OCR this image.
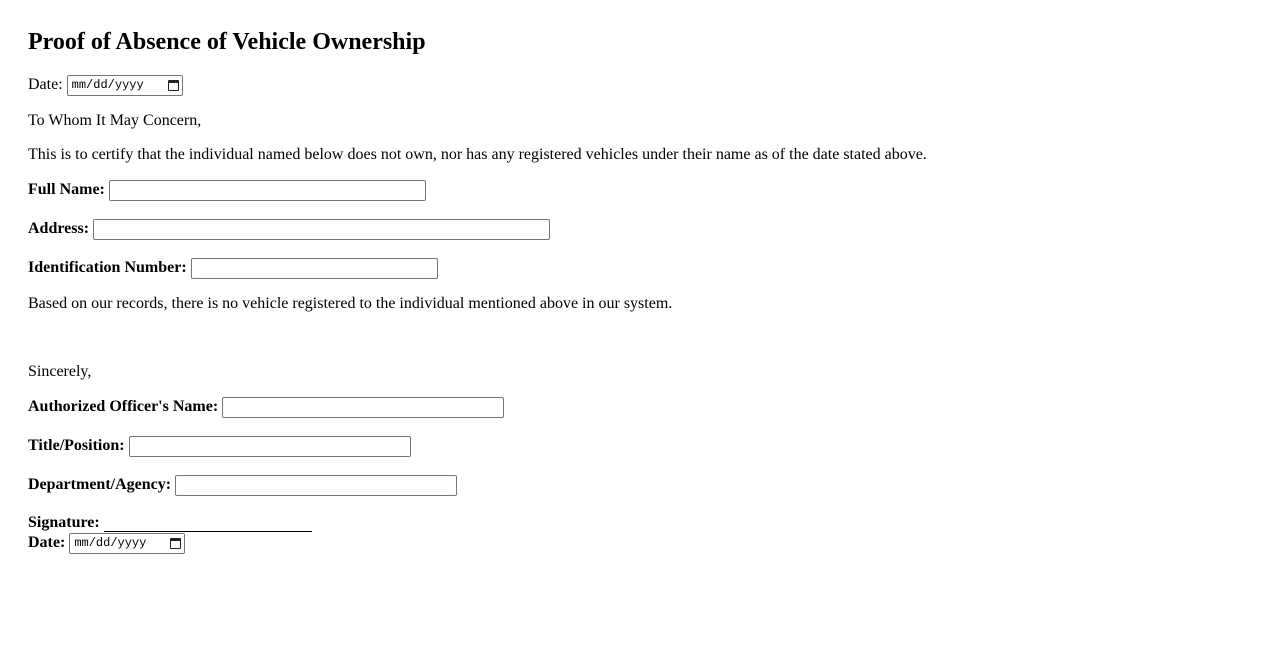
Proof of Absence of Vehicle Ownership
Date: mm/dd/yyyy
To Whom It May Concern,
This is to certify that the individual named below does not own, nor has any registered vehicles under their name as of the date stated above.
Full Name:
Address:
Identification Number:
Based on our records, there is no vehicle registered to the individual mentioned above in our system.
Sincerely,
Authorized Officer's Name:
Title/Position:
Department/Agency:
Signature:
Date: mm/dd/yyyy
